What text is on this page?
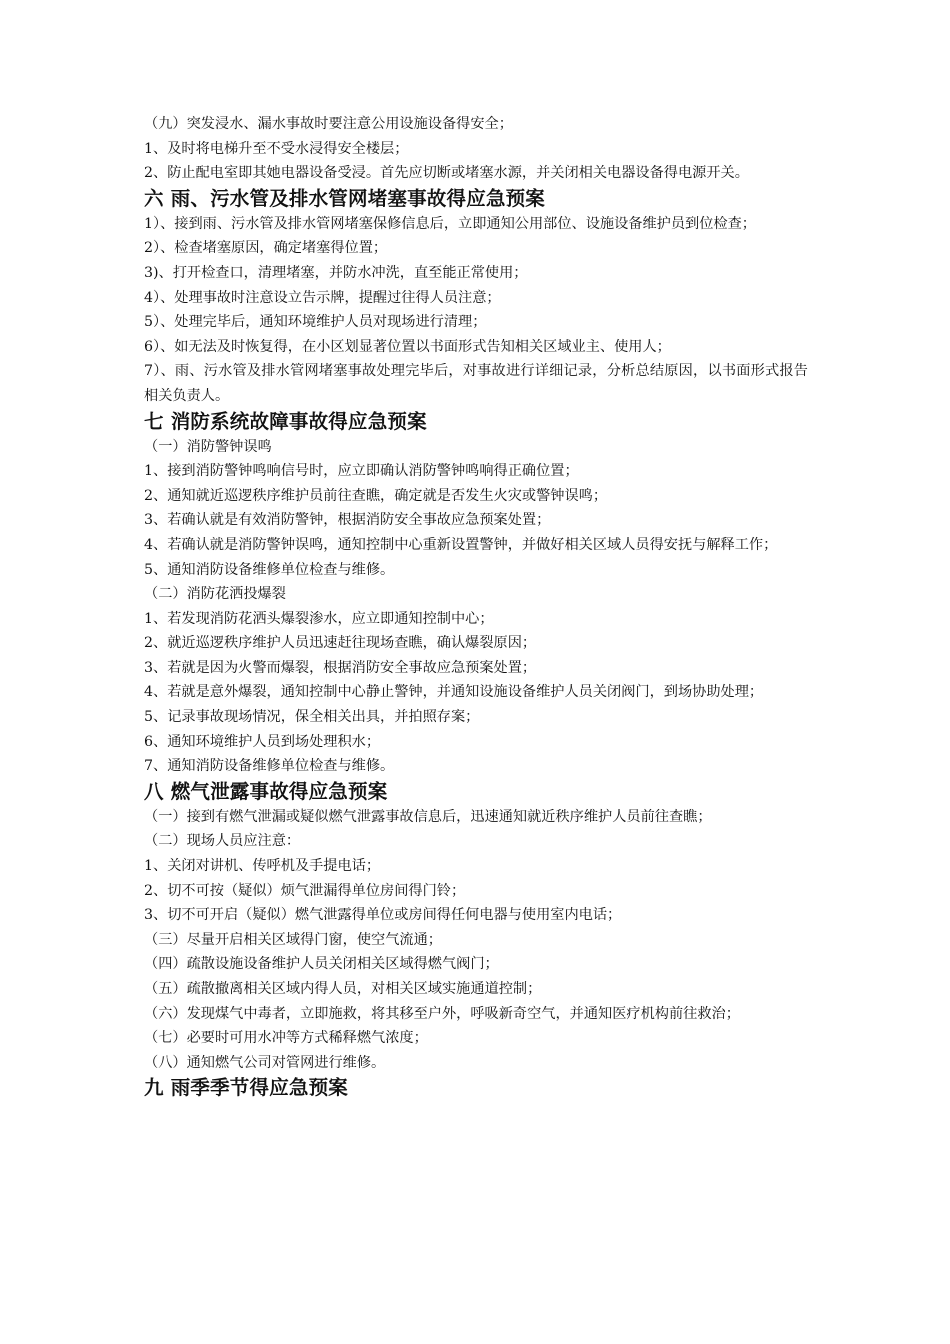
（九）突发浸水、漏水事故时要注意公用设施设备得安全；
1、及时将电梯升至不受水浸得安全楼层；
2、防止配电室即其她电器设备受浸。首先应切断或堵塞水源，并关闭相关电器设备得电源开关。
六 雨、污水管及排水管网堵塞事故得应急预案
1）、接到雨、污水管及排水管网堵塞保修信息后，立即通知公用部位、设施设备维护员到位检查；
2）、检查堵塞原因，确定堵塞得位置；
3)、打开检查口，清理堵塞，并防水冲洗，直至能正常使用；
4）、处理事故时注意设立告示牌，提醒过往得人员注意；
5）、处理完毕后，通知环境维护人员对现场进行清理；
6）、如无法及时恢复得，在小区划显著位置以书面形式告知相关区域业主、使用人；
7）、雨、污水管及排水管网堵塞事故处理完毕后，对事故进行详细记录，分析总结原因，以书面形式报告相关负责人。
七 消防系统故障事故得应急预案
（一）消防警钟误鸣
1、接到消防警钟鸣响信号时，应立即确认消防警钟鸣响得正确位置；
2、通知就近巡逻秩序维护员前往查瞧，确定就是否发生火灾或警钟误鸣；
3、若确认就是有效消防警钟，根据消防安全事故应急预案处置；
4、若确认就是消防警钟误鸣，通知控制中心重新设置警钟，并做好相关区域人员得安抚与解释工作；
5、通知消防设备维修单位检查与维修。
（二）消防花洒投爆裂
1、若发现消防花洒头爆裂渗水，应立即通知控制中心；
2、就近巡逻秩序维护人员迅速赶往现场查瞧，确认爆裂原因；
3、若就是因为火警而爆裂，根据消防安全事故应急预案处置；
4、若就是意外爆裂，通知控制中心静止警钟，并通知设施设备维护人员关闭阀门，到场协助处理；
5、记录事故现场情况，保全相关出具，并拍照存案；
6、通知环境维护人员到场处理积水；
7、通知消防设备维修单位检查与维修。
八 燃气泄露事故得应急预案
（一）接到有燃气泄漏或疑似燃气泄露事故信息后，迅速通知就近秩序维护人员前往查瞧；
（二）现场人员应注意：
1、关闭对讲机、传呼机及手提电话；
2、切不可按（疑似）烦气泄漏得单位房间得门铃；
3、切不可开启（疑似）燃气泄露得单位或房间得任何电器与使用室内电话；
（三）尽量开启相关区域得门窗，使空气流通；
（四）疏散设施设备维护人员关闭相关区域得燃气阀门；
（五）疏散撤离相关区域内得人员，对相关区域实施通道控制；
（六）发现煤气中毒者，立即施救，将其移至户外，呼吸新奇空气，并通知医疗机构前往救治；
（七）必要时可用水冲等方式稀释燃气浓度；
（八）通知燃气公司对管网进行维修。
九 雨季季节得应急预案
